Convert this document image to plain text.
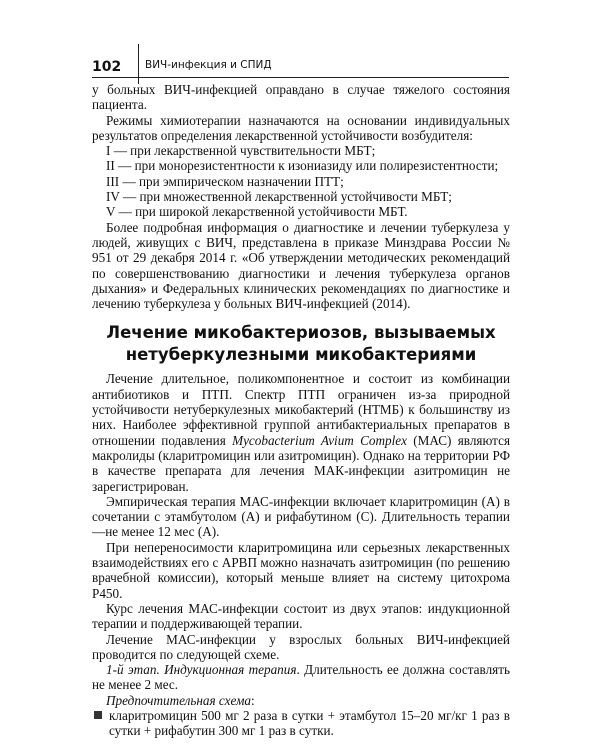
102 ВИЧ-инфекция и СПИД

у больных ВИЧ-инфекцией оправдано в случае тяжелого состояния пациента.

Режимы химиотерапии назначаются на основании индивидуальных результатов определения лекарственной устойчивости возбудителя:

I — при лекарственной чувствительности МБТ;
II — при монорезистентности к изониазиду или полирезистентности;
III — при эмпирическом назначении ПТТ;
IV — при множественной лекарственной устойчивости МБТ;
V — при широкой лекарственной устойчивости МБТ.

Более подробная информация о диагностике и лечении туберкулеза у людей, живущих с ВИЧ, представлена в приказе Минздрава России № 951 от 29 декабря 2014 г. «Об утверждении методических рекомендаций по совершенствованию диагностики и лечения туберкулеза органов дыхания» и Федеральных клинических рекомендациях по диагностике и лечению туберкулеза у больных ВИЧ-инфекцией (2014).

Лечение микобактериозов, вызываемых нетуберкулезными микобактериями

Лечение длительное, поликомпонентное и состоит из комбинации антибиотиков и ПТП. Спектр ПТП ограничен из-за природной устойчивости нетуберкулезных микобактерий (НТМБ) к большинству из них. Наиболее эффективной группой антибактериальных препаратов в отношении подавления Mycobacterium Avium Complex (МАС) являются макролиды (кларитромицин или азитромицин). Однако на территории РФ в качестве препарата для лечения МАК-инфекции азитромицин не зарегистрирован.

Эмпирическая терапия МАС-инфекции включает кларитромицин (А) в сочетании с этамбутолом (А) и рифабутином (С). Длительность терапии —не менее 12 мес (А).

При непереносимости кларитромицина или серьезных лекарственных взаимодействиях его с АРВП можно назначать азитромицин (по решению врачебной комиссии), который меньше влияет на систему цитохрома Р450.

Курс лечения МАС-инфекции состоит из двух этапов: индукционной терапии и поддерживающей терапии.

Лечение МАС-инфекции у взрослых больных ВИЧ-инфекцией проводится по следующей схеме.

1-й этап. Индукционная терапия. Длительность ее должна составлять не менее 2 мес.

Предпочтительная схема:

кларитромицин 500 мг 2 раза в сутки + этамбутол 15–20 мг/кг 1 раз в сутки + рифабутин 300 мг 1 раз в сутки.
